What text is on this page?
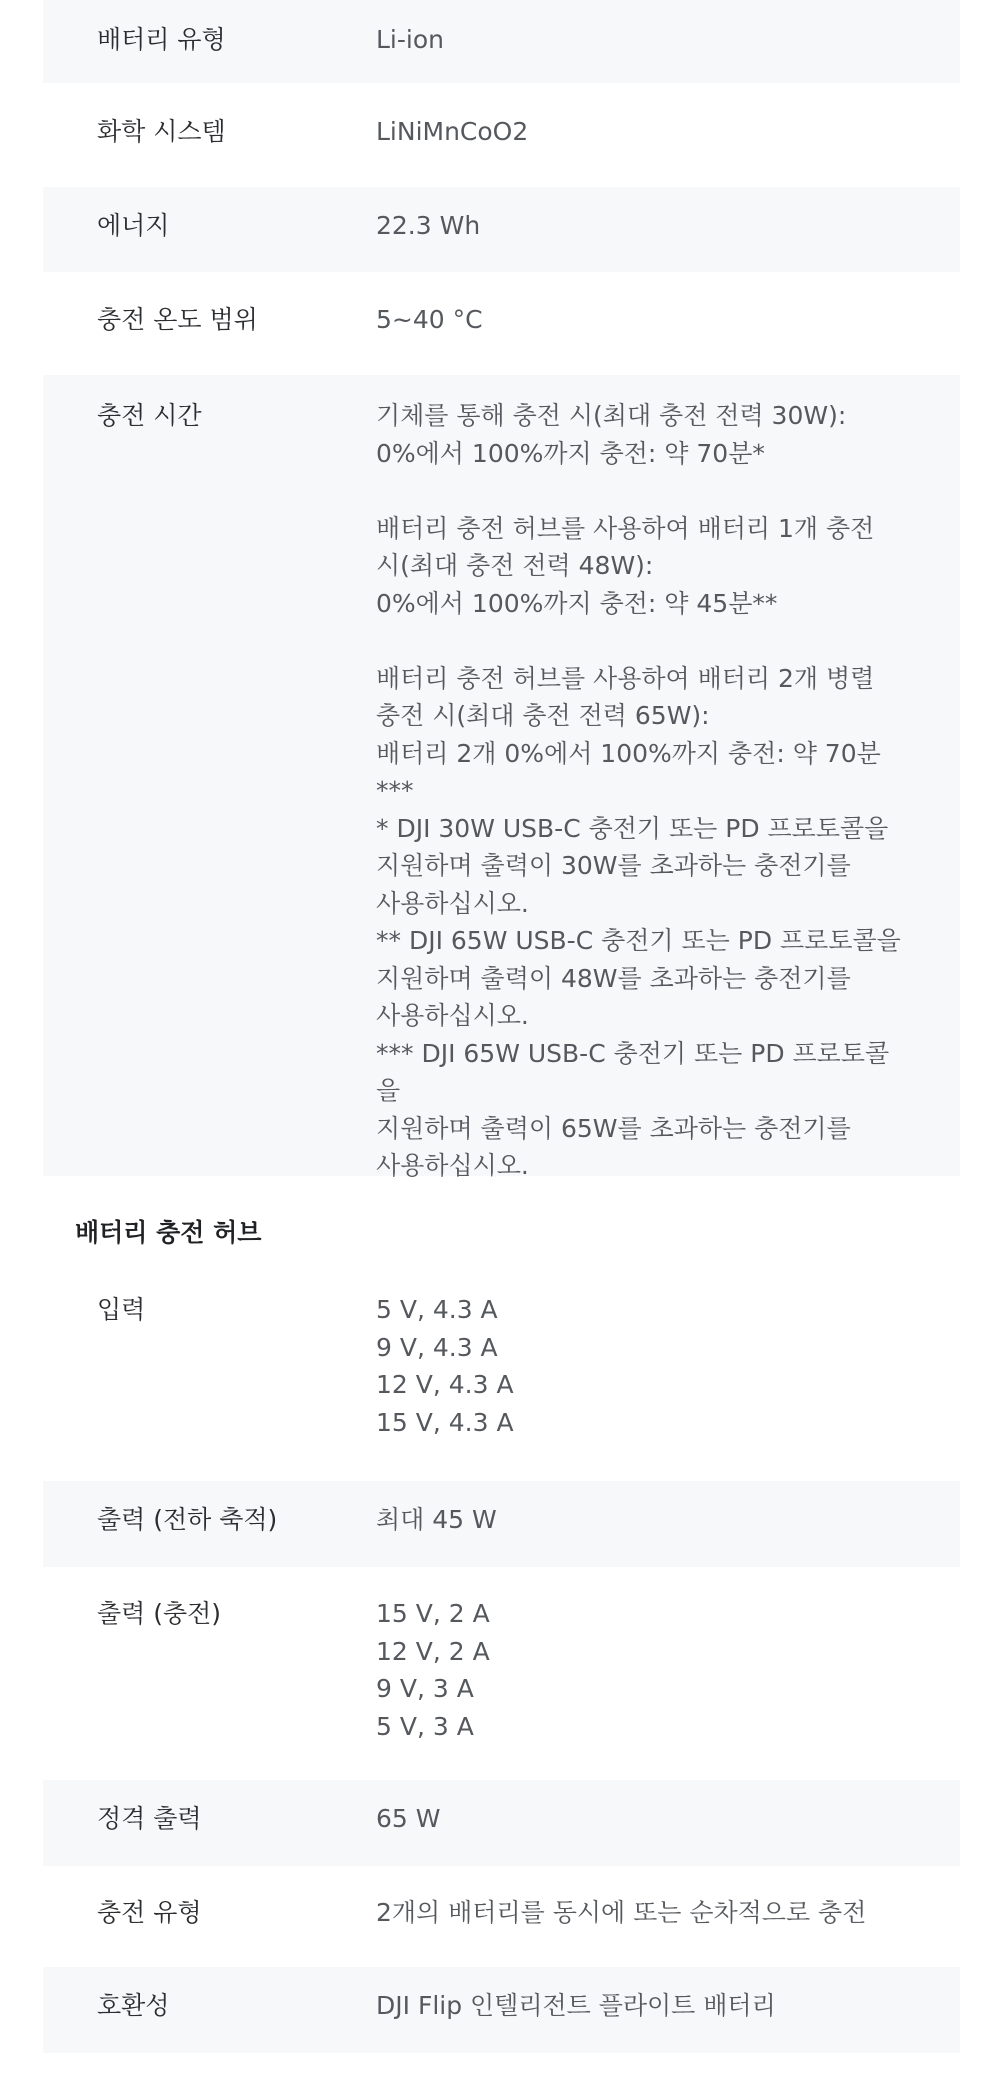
배터리 유형	Li-ion
화학 시스템	LiNiMnCoO2
에너지	22.3 Wh
충전 온도 범위	5~40 °C
충전 시간	기체를 통해 충전 시(최대 충전 전력 30W):
0%에서 100%까지 충전: 약 70분*

배터리 충전 허브를 사용하여 배터리 1개 충전
시(최대 충전 전력 48W):
0%에서 100%까지 충전: 약 45분**

배터리 충전 허브를 사용하여 배터리 2개 병렬
충전 시(최대 충전 전력 65W):
배터리 2개 0%에서 100%까지 충전: 약 70분
***
* DJI 30W USB-C 충전기 또는 PD 프로토콜을
지원하며 출력이 30W를 초과하는 충전기를
사용하십시오.
** DJI 65W USB-C 충전기 또는 PD 프로토콜을
지원하며 출력이 48W를 초과하는 충전기를
사용하십시오.
*** DJI 65W USB-C 충전기 또는 PD 프로토콜을
지원하며 출력이 65W를 초과하는 충전기를
사용하십시오.
배터리 충전 허브
입력	5 V, 4.3 A
9 V, 4.3 A
12 V, 4.3 A
15 V, 4.3 A
출력 (전하 축적)	최대 45 W
출력 (충전)	15 V, 2 A
12 V, 2 A
9 V, 3 A
5 V, 3 A
정격 출력	65 W
충전 유형	2개의 배터리를 동시에 또는 순차적으로 충전
호환성	DJI Flip 인텔리전트 플라이트 배터리
